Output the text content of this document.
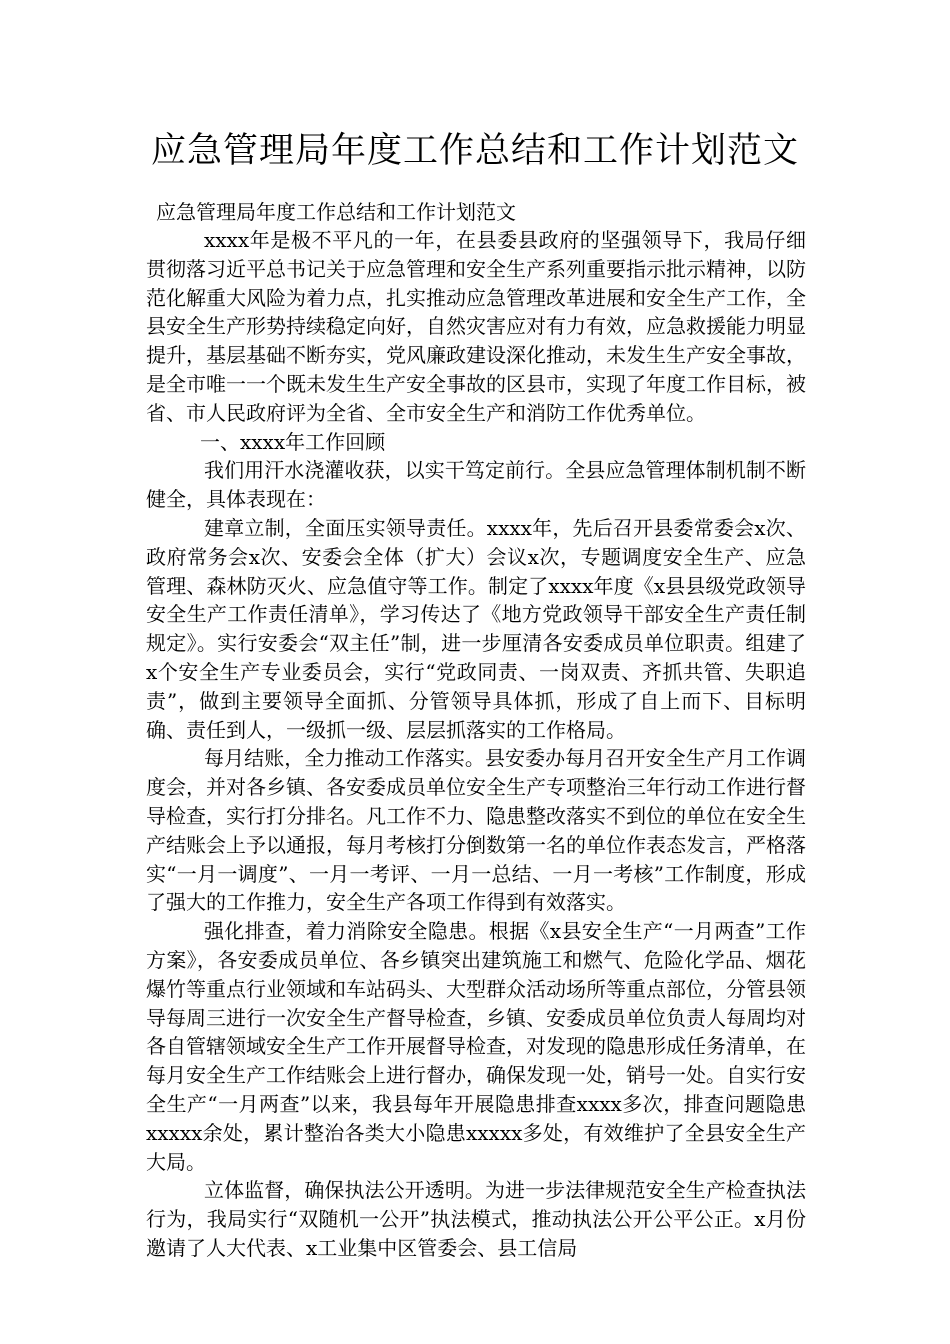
应急管理局年度工作总结和工作计划范文
应急管理局年度工作总结和工作计划范文

xxxx年是极不平凡的一年，在县委县政府的坚强领导下，我局仔细贯彻落习近平总书记关于应急管理和安全生产系列重要指示批示精神，以防范化解重大风险为着力点，扎实推动应急管理改革进展和安全生产工作，全县安全生产形势持续稳定向好，自然灾害应对有力有效，应急救援能力明显提升，基层基础不断夯实，党风廉政建设深化推动，未发生生产安全事故，是全市唯一一个既未发生生产安全事故的区县市，实现了年度工作目标，被省、市人民政府评为全省、全市安全生产和消防工作优秀单位。

一、xxxx年工作回顾

我们用汗水浇灌收获，以实干笃定前行。全县应急管理体制机制不断健全，具体表现在：

建章立制，全面压实领导责任。xxxx年，先后召开县委常委会x次、政府常务会x次、安委会全体（扩大）会议x次，专题调度安全生产、应急管理、森林防灭火、应急值守等工作。制定了xxxx年度《x县县级党政领导安全生产工作责任清单》，学习传达了《地方党政领导干部安全生产责任制规定》。实行安委会“双主任”制，进一步厘清各安委成员单位职责。组建了x个安全生产专业委员会，实行“党政同责、一岗双责、齐抓共管、失职追责”，做到主要领导全面抓、分管领导具体抓，形成了自上而下、目标明确、责任到人，一级抓一级、层层抓落实的工作格局。

每月结账，全力推动工作落实。县安委办每月召开安全生产月工作调度会，并对各乡镇、各安委成员单位安全生产专项整治三年行动工作进行督导检查，实行打分排名。凡工作不力、隐患整改落实不到位的单位在安全生产结账会上予以通报，每月考核打分倒数第一名的单位作表态发言，严格落实“一月一调度”、一月一考评、一月一总结、一月一考核”工作制度，形成了强大的工作推力，安全生产各项工作得到有效落实。

强化排查，着力消除安全隐患。根据《x县安全生产“一月两查”工作方案》，各安委成员单位、各乡镇突出建筑施工和燃气、危险化学品、烟花爆竹等重点行业领域和车站码头、大型群众活动场所等重点部位，分管县领导每周三进行一次安全生产督导检查，乡镇、安委成员单位负责人每周均对各自管辖领域安全生产工作开展督导检查，对发现的隐患形成任务清单，在每月安全生产工作结账会上进行督办，确保发现一处，销号一处。自实行安全生产“一月两查”以来，我县每年开展隐患排查xxxx多次，排查问题隐患xxxxx余处，累计整治各类大小隐患xxxxx多处，有效维护了全县安全生产大局。

立体监督，确保执法公开透明。为进一步法律规范安全生产检查执法行为，我局实行“双随机一公开”执法模式，推动执法公开公平公正。x月份邀请了人大代表、x工业集中区管委会、县工信局
